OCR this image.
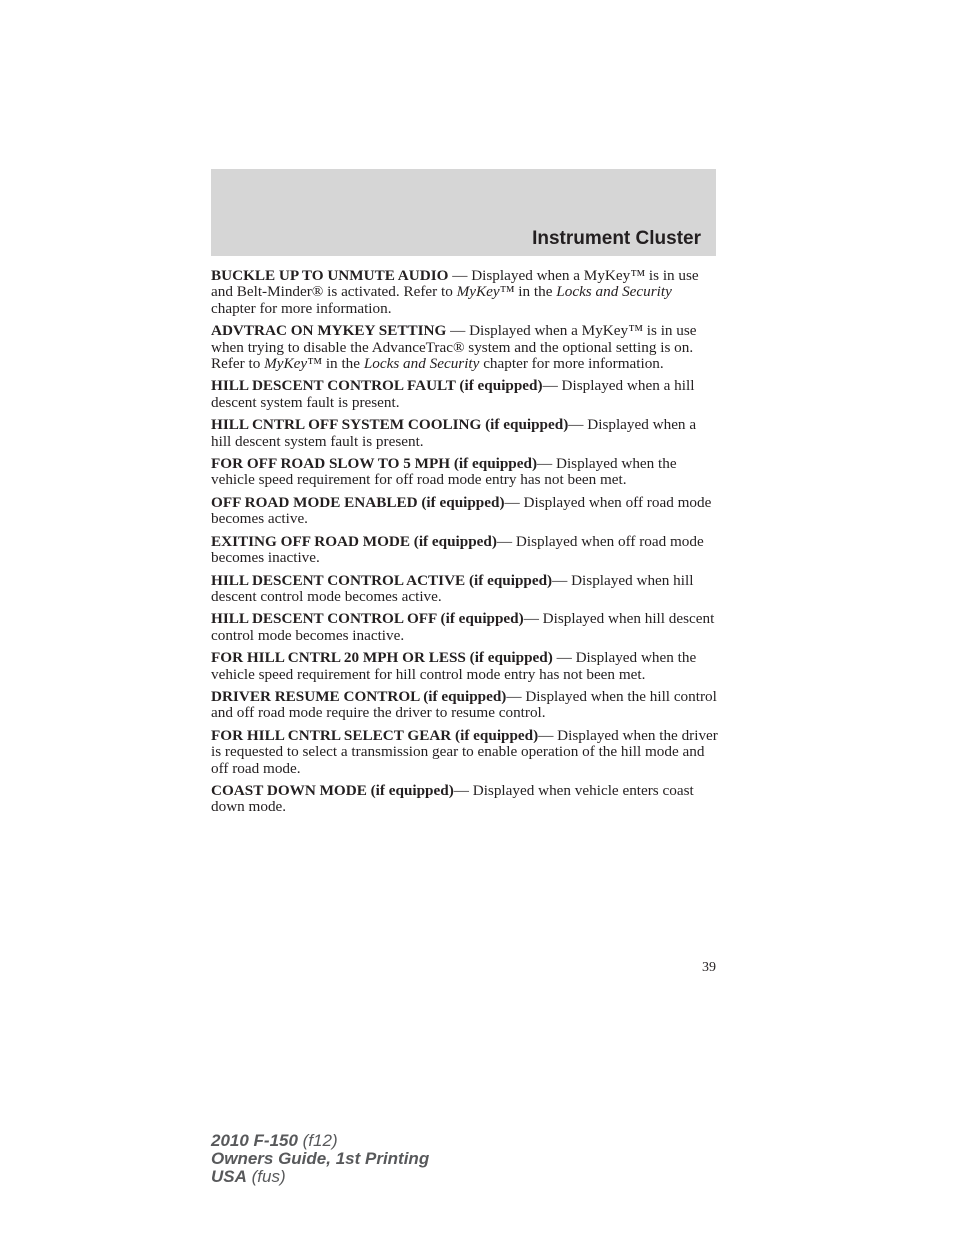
Instrument Cluster

BUCKLE UP TO UNMUTE AUDIO — Displayed when a MyKey™ is in use and Belt-Minder® is activated. Refer to MyKey™ in the Locks and Security chapter for more information.

ADVTRAC ON MYKEY SETTING — Displayed when a MyKey™ is in use when trying to disable the AdvanceTrac® system and the optional setting is on. Refer to MyKey™ in the Locks and Security chapter for more information.

HILL DESCENT CONTROL FAULT (if equipped)— Displayed when a hill descent system fault is present.

HILL CNTRL OFF SYSTEM COOLING (if equipped)— Displayed when a hill descent system fault is present.

FOR OFF ROAD SLOW TO 5 MPH (if equipped)— Displayed when the vehicle speed requirement for off road mode entry has not been met.

OFF ROAD MODE ENABLED (if equipped)— Displayed when off road mode becomes active.

EXITING OFF ROAD MODE (if equipped)— Displayed when off road mode becomes inactive.

HILL DESCENT CONTROL ACTIVE (if equipped)— Displayed when hill descent control mode becomes active.

HILL DESCENT CONTROL OFF (if equipped)— Displayed when hill descent control mode becomes inactive.

FOR HILL CNTRL 20 MPH OR LESS (if equipped) — Displayed when the vehicle speed requirement for hill control mode entry has not been met.

DRIVER RESUME CONTROL (if equipped)— Displayed when the hill control and off road mode require the driver to resume control.

FOR HILL CNTRL SELECT GEAR (if equipped)— Displayed when the driver is requested to select a transmission gear to enable operation of the hill mode and off road mode.

COAST DOWN MODE (if equipped)— Displayed when vehicle enters coast down mode.

39
2010 F-150 (f12)
Owners Guide, 1st Printing
USA (fus)
